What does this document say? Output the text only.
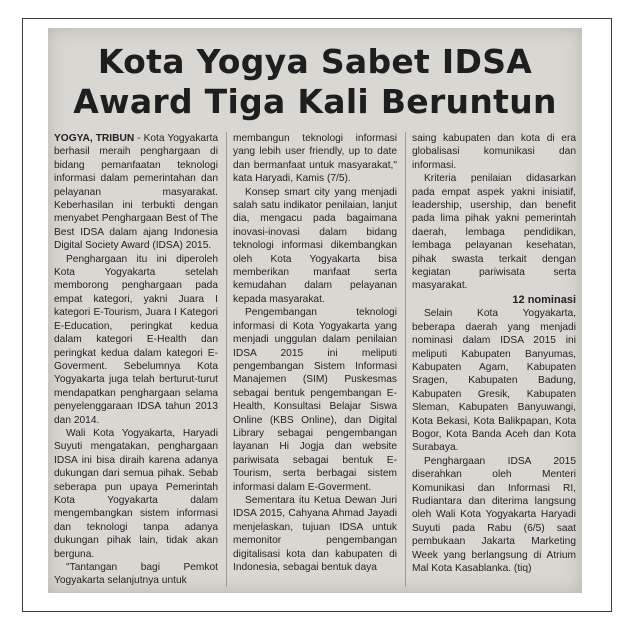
Kota Yogya Sabet IDSA
Award Tiga Kali Beruntun

YOGYA, TRIBUN - Kota Yogyakarta berhasil meraih penghargaan di bidang pemanfaatan teknologi informasi dalam pemerintahan dan pelayanan masyarakat. Keberhasilan ini terbukti dengan menyabet Penghargaan Best of The Best IDSA dalam ajang Indonesia Digital Society Award (IDSA) 2015.

Penghargaan itu ini diperoleh Kota Yogyakarta setelah memborong penghargaan pada empat kategori, yakni Juara I kategori E-Tourism, Juara I Kategori E-Education, peringkat kedua dalam kategori E-Health dan peringkat kedua dalam kategori E-Goverment. Sebelumnya Kota Yogyakarta juga telah berturut-turut mendapatkan penghargaan selama penyelenggaraan IDSA tahun 2013 dan 2014.

Wali Kota Yogyakarta, Haryadi Suyuti mengatakan, penghargaan IDSA ini bisa diraih karena adanya dukungan dari semua pihak. Sebab seberapa pun upaya Pemerintah Kota Yogyakarta dalam mengembangkan sistem informasi dan teknologi tanpa adanya dukungan pihak lain, tidak akan berguna.

"Tantangan bagi Pemkot Yogyakarta selanjutnya untuk

membangun teknologi informasi yang lebih user friendly, up to date dan bermanfaat untuk masyarakat," kata Haryadi, Kamis (7/5).

Konsep smart city yang menjadi salah satu indikator penilaian, lanjut dia, mengacu pada bagaimana inovasi-inovasi dalam bidang teknologi informasi dikembangkan oleh Kota Yogyakarta bisa memberikan manfaat serta kemudahan dalam pelayanan kepada masyarakat.

Pengembangan teknologi informasi di Kota Yogyakarta yang menjadi unggulan dalam penilaian IDSA 2015 ini meliputi pengembangan Sistem Informasi Manajemen (SIM) Puskesmas sebagai bentuk pengembangan E-Health, Konsultasi Belajar Siswa Online (KBS Online), dan Digital Library sebagai pengembangan layanan Hi Jogja dan website pariwisata sebagai bentuk E-Tourism, serta berbagai sistem informasi dalam E-Goverment.

Sementara itu Ketua Dewan Juri IDSA 2015, Cahyana Ahmad Jayadi menjelaskan, tujuan IDSA untuk memonitor pengembangan digitalisasi kota dan kabupaten di Indonesia, sebagai bentuk daya

saing kabupaten dan kota di era globalisasi komunikasi dan informasi.

Kriteria penilaian didasarkan pada empat aspek yakni inisiatif, leadership, usership, dan benefit pada lima pihak yakni pemerintah daerah, lembaga pendidikan, lembaga pelayanan kesehatan, pihak swasta terkait dengan kegiatan pariwisata serta masyarakat.

12 nominasi

Selain Kota Yogyakarta, beberapa daerah yang menjadi nominasi dalam IDSA 2015 ini meliputi Kabupaten Banyumas, Kabupaten Agam, Kabupaten Sragen, Kabupaten Badung, Kabupaten Gresik, Kabupaten Sleman, Kabupaten Banyuwangi, Kota Bekasi, Kota Balikpapan, Kota Bogor, Kota Banda Aceh dan Kota Surabaya.

Penghargaan IDSA 2015 diserahkan oleh Menteri Komunikasi dan Informasi RI, Rudiantara dan diterima langsung oleh Wali Kota Yogyakarta Haryadi Suyuti pada Rabu (6/5) saat pembukaan Jakarta Marketing Week yang berlangsung di Atrium Mal Kota Kasablanka. (tiq)
